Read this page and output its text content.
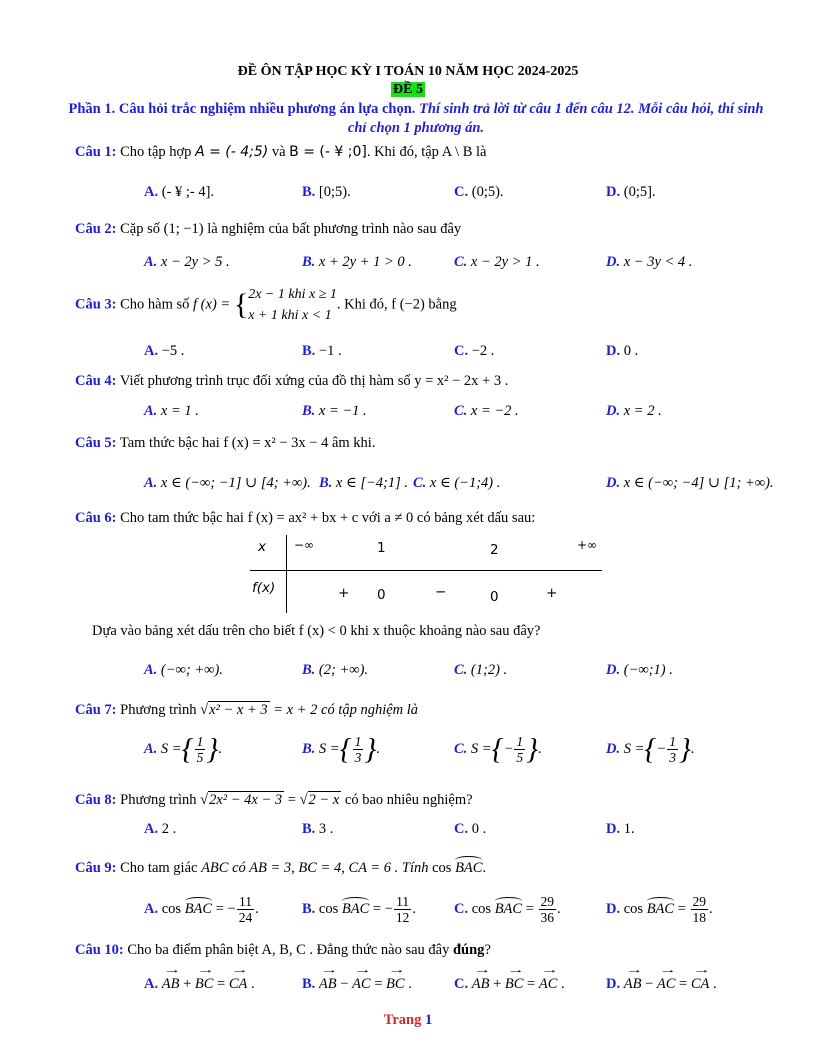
ĐỀ ÔN TẬP HỌC KỲ I TOÁN 10 NĂM HỌC 2024-2025
ĐỀ 5
Phần 1. Câu hỏi trắc nghiệm nhiều phương án lựa chọn. Thí sinh trả lời từ câu 1 đến câu 12. Mỗi câu hỏi, thí sinh chỉ chọn 1 phương án.
Câu 1: Cho tập hợp A = (- 4;5) và B = (- ¥ ;0]. Khi đó, tập A \ B là
A. (- ¥ ;- 4].	B. [0;5).	C. (0;5).	D. (0;5].
Câu 2: Cặp số (1; −1) là nghiệm của bất phương trình nào sau đây
A. x − 2y > 5 .	B. x + 2y + 1 > 0 .	C. x − 2y > 1 .	D. x − 3y < 4 .
Câu 3: Cho hàm số f (x) = { 2x − 1 khi x ≥ 1
x + 1 khi x < 1
. Khi đó, f (−2) bằng
A. −5 .	B. −1 .	C. −2 .	D. 0 .
Câu 4: Viết phương trình trục đối xứng của đồ thị hàm số y = x² − 2x + 3 .
A. x = 1 .	B. x = −1 .	C. x = −2 .	D. x = 2 .
Câu 5: Tam thức bậc hai f (x) = x² − 3x − 4 âm khi.
A. x ∈ (−∞; −1] ∪ [4; +∞). B. x ∈ [−4;1] . C. x ∈ (−1;4) .	D. x ∈ (−∞; −4] ∪ [1; +∞).
Câu 6: Cho tam thức bậc hai f (x) = ax² + bx + c với a ≠ 0 có bảng xét dấu sau:
x −∞	1	2	+∞
f(x)	+ 0	−	0	+
Dựa vào bảng xét dấu trên cho biết f (x) < 0 khi x thuộc khoảng nào sau đây?
A. (−∞; +∞).	B. (2; +∞).	C. (1;2) .	D. (−∞;1) .
Câu 7: Phương trình √x² − x + 3 = x + 2 có tập nghiệm là
A. S ={ $\frac{1}{5}$ }.	B. S ={ $\frac{1}{3}$ }.	C. S ={− $\frac{1}{5}$ }.	D. S ={− $\frac{1}{3}$ }.
Câu 8: Phương trình √2x² − 4x − 3 = √2 − x có bao nhiêu nghiệm?
A. 2 .	B. 3 .	C. 0 .	D. 1.
Câu 9: Cho tam giác ABC có AB = 3, BC = 4, CA = 6 . Tính cos BAC.
A. cos BAC = − $\frac{11}{24}$ .	B. cos BAC = − $\frac{11}{12}$ .	C. cos BAC = $\frac{29}{36}$ .	D. cos BAC = $\frac{29}{18}$ .
Câu 10: Cho ba điểm phân biệt A, B, C . Đẳng thức nào sau đây đúng?
A. → AB + → BC = → CA .	B. → AB − → AC = → BC .	C. → AB + → BC = → AC .	D. → AB − → AC = → CA .
Trang 1
